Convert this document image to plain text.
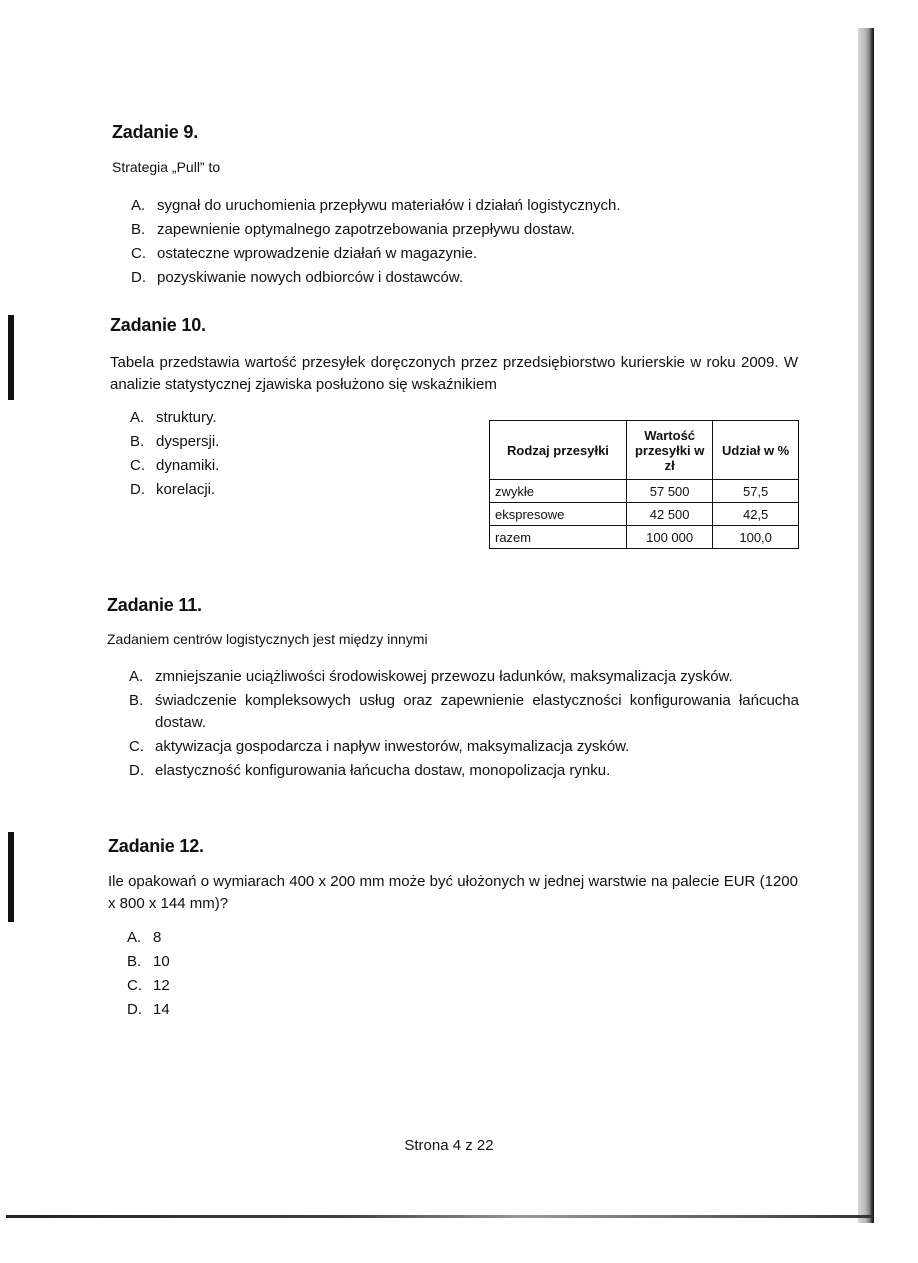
Zadanie 9.

Strategia „Pull” to

A. sygnał do uruchomienia przepływu materiałów i działań logistycznych.
B. zapewnienie optymalnego zapotrzebowania przepływu dostaw.
C. ostateczne wprowadzenie działań w magazynie.
D. pozyskiwanie nowych odbiorców i dostawców.
Zadanie 10.

Tabela przedstawia wartość przesyłek doręczonych przez przedsiębiorstwo kurierskie w roku 2009. W analizie statystycznej zjawiska posłużono się wskaźnikiem

A. struktury.
B. dyspersji.
C. dynamiki.
D. korelacji.
Rodzaj przesyłki	Wartość przesyłki w zł	Udział w %
zwykłe	57 500	57,5
ekspresowe	42 500	42,5
razem	100 000	100,0
Zadanie 11.

Zadaniem centrów logistycznych jest między innymi

A. zmniejszanie uciążliwości środowiskowej przewozu ładunków, maksymalizacja zysków.
B. świadczenie kompleksowych usług oraz zapewnienie elastyczności konfigurowania łańcucha dostaw.
C. aktywizacja gospodarcza i napływ inwestorów, maksymalizacja zysków.
D. elastyczność konfigurowania łańcucha dostaw, monopolizacja rynku.
Zadanie 12.

Ile opakowań o wymiarach 400 x 200 mm może być ułożonych w jednej warstwie na palecie EUR (1200 x 800 x 144 mm)?

A. 8
B. 10
C. 12
D. 14
Strona 4 z 22
